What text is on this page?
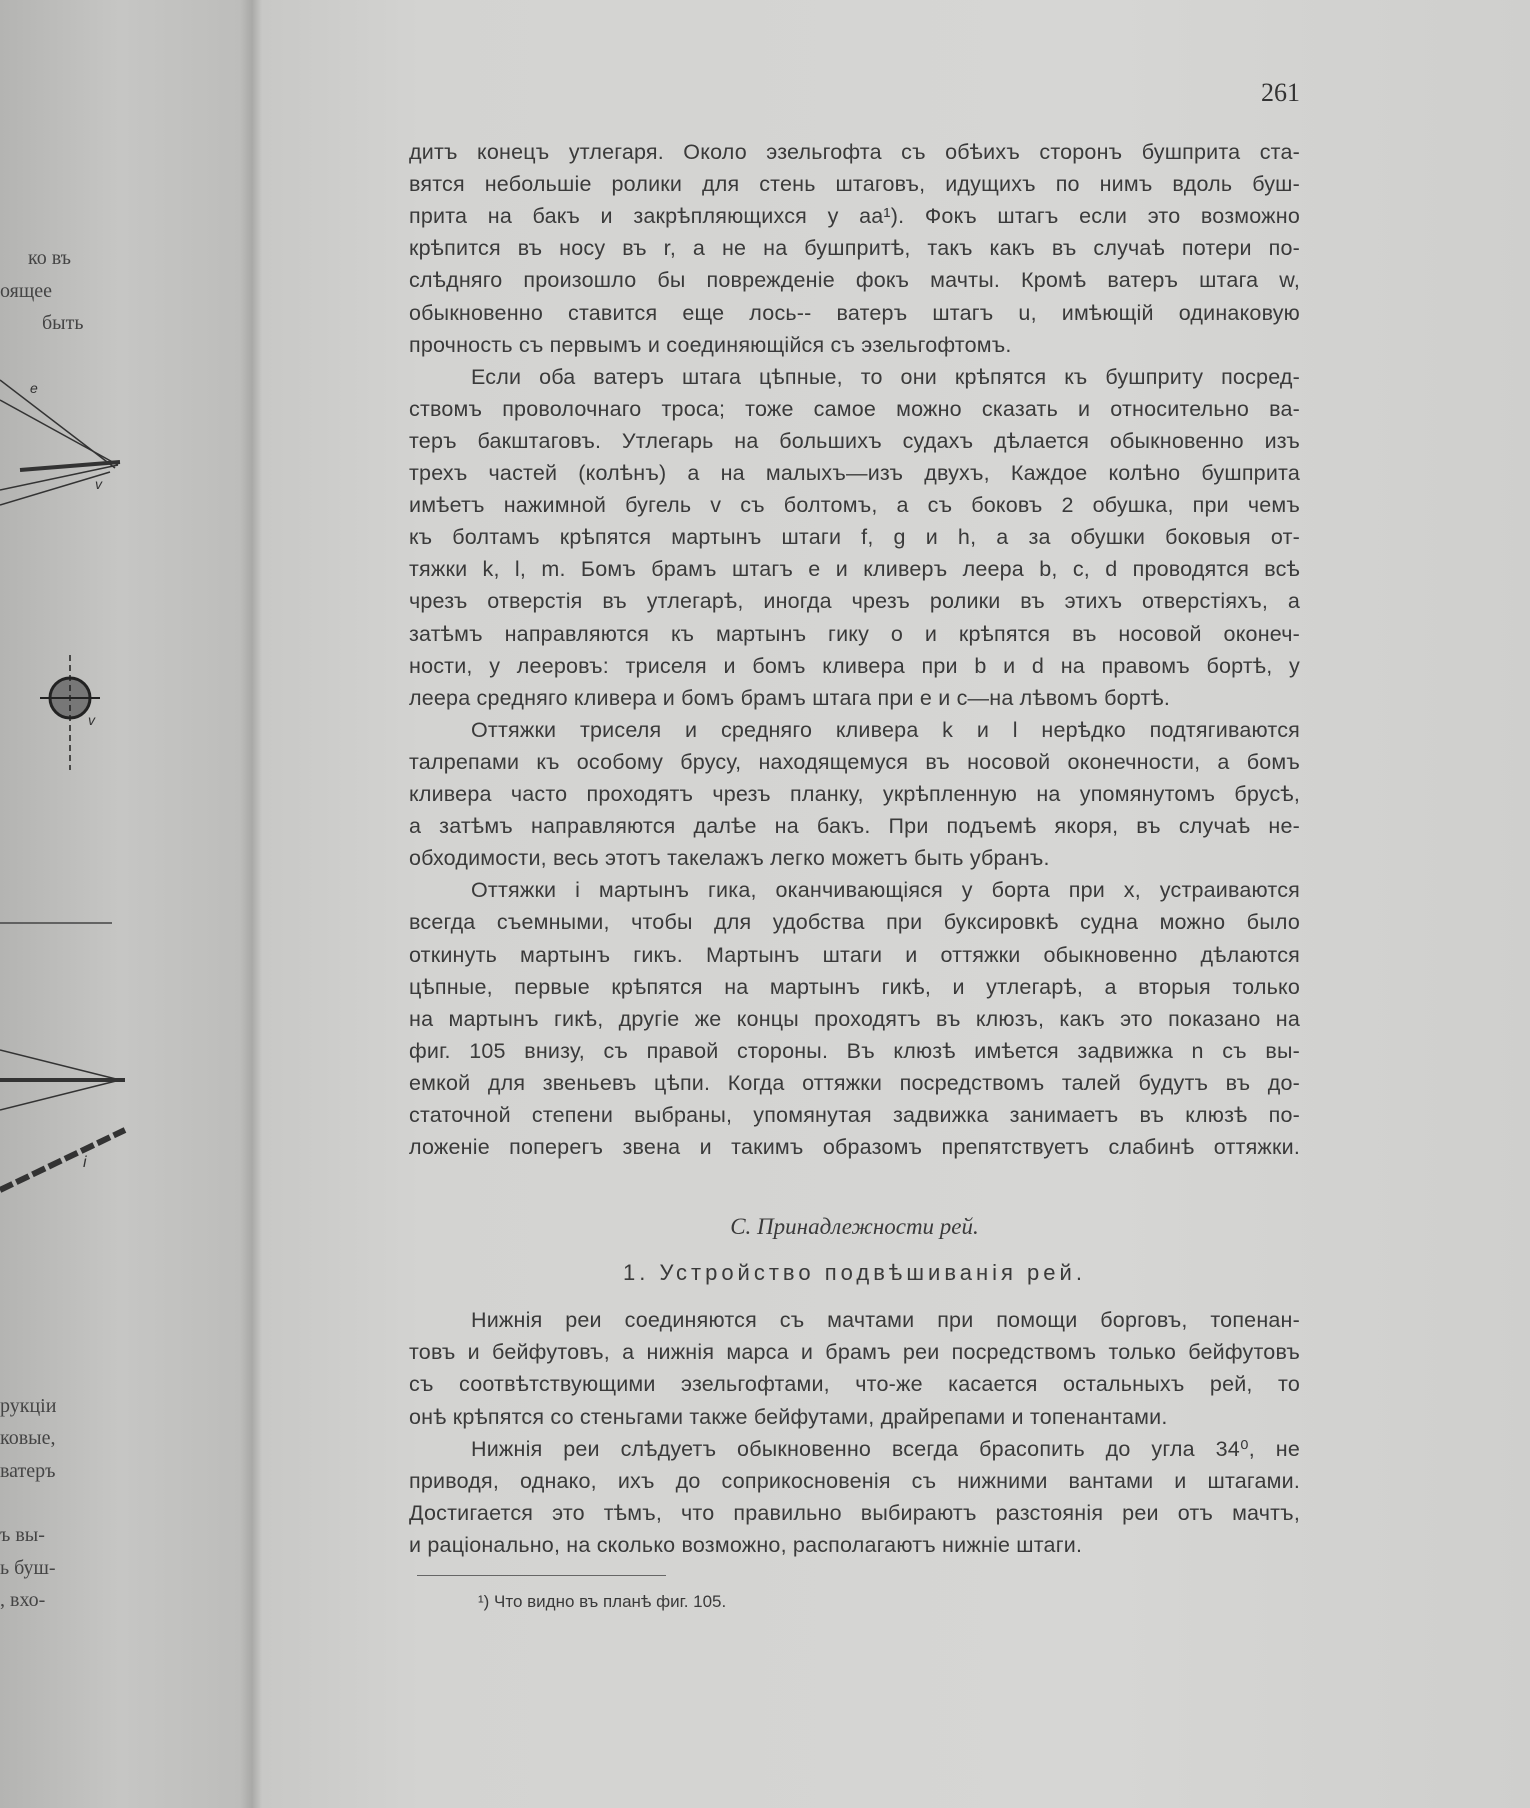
261
дитъ конецъ утлегаря. Около эзельгофта съ обѣихъ сторонъ бушприта ста-
вятся небольшіе ролики для стень штаговъ, идущихъ по нимъ вдоль буш-
прита на бакъ и закрѣпляющихся у aa¹). Фокъ штагъ если это возможно
крѣпится въ носу въ r, а не на бушпритѣ, такъ какъ въ случаѣ потери по-
слѣдняго произошло бы поврежденіе фокъ мачты. Кромѣ ватеръ штага w,
обыкновенно ставится еще лось-- ватеръ штагъ u, имѣющій одинаковую
прочность съ первымъ и соединяющійся съ эзельгофтомъ.
Если оба ватеръ штага цѣпные, то они крѣпятся къ бушприту посред-
ствомъ проволочнаго троса; тоже самое можно сказать и относительно ва-
теръ бакштаговъ. Утлегарь на большихъ судахъ дѣлается обыкновенно изъ
трехъ частей (колѣнъ) а на малыхъ—изъ двухъ, Каждое колѣно бушприта
имѣетъ нажимной бугель v съ болтомъ, а съ боковъ 2 обушка, при чемъ
къ болтамъ крѣпятся мартынъ штаги f, g и h, а за обушки боковыя от-
тяжки k, l, m. Бомъ брамъ штагъ e и кливеръ леера b, c, d проводятся всѣ
чрезъ отверстія въ утлегарѣ, иногда чрезъ ролики въ этихъ отверстіяхъ, а
затѣмъ направляются къ мартынъ гику o и крѣпятся въ носовой оконеч-
ности, у лееровъ: триселя и бомъ кливера при b и d на правомъ бортѣ, у
леера средняго кливера и бомъ брамъ штага при e и c—на лѣвомъ бортѣ.
Оттяжки триселя и средняго кливера k и l нерѣдко подтягиваются
талрепами къ особому брусу, находящемуся въ носовой оконечности, а бомъ
кливера часто проходятъ чрезъ планку, укрѣпленную на упомянутомъ брусѣ,
а затѣмъ направляются далѣе на бакъ. При подъемѣ якоря, въ случаѣ не-
обходимости, весь этотъ такелажъ легко можетъ быть убранъ.
Оттяжки i мартынъ гика, оканчивающіяся у борта при x, устраиваются
всегда съемными, чтобы для удобства при буксировкѣ судна можно было
откинуть мартынъ гикъ. Мартынъ штаги и оттяжки обыкновенно дѣлаются
цѣпные, первые крѣпятся на мартынъ гикѣ, и утлегарѣ, а вторыя только
на мартынъ гикѣ, другіе же концы проходятъ въ клюзъ, какъ это показано на
фиг. 105 внизу, съ правой стороны. Въ клюзѣ имѣется задвижка n съ вы-
емкой для звеньевъ цѣпи. Когда оттяжки посредствомъ талей будутъ въ до-
статочной степени выбраны, упомянутая задвижка занимаетъ въ клюзѣ по-
ложеніе поперегъ звена и такимъ образомъ препятствуетъ слабинѣ оттяжки.
C. Принадлежности рей.
1. Устройство подвѣшиванія рей.
Нижнія реи соединяются съ мачтами при помощи борговъ, топенан-
товъ и бейфутовъ, а нижнія марса и брамъ реи посредствомъ только бейфутовъ
съ соотвѣтствующими эзельгофтами, что-же касается остальныхъ рей, то
онѣ крѣпятся со стеньгами также бейфутами, драйрепами и топенантами.
Нижнія реи слѣдуетъ обыкновенно всегда брасопить до угла 34⁰, не
приводя, однако, ихъ до соприкосновенія съ нижними вантами и штагами.
Достигается это тѣмъ, что правильно выбираютъ разстоянія реи отъ мачтъ,
и раціонально, на сколько возможно, располагаютъ нижніе штаги.
¹) Что видно въ планѣ фиг. 105.
ко въ
оящее
быть
рукціи
ковые,
ватеръ
ъ вы-
ь буш-
, вхо-
e
v
v
i
